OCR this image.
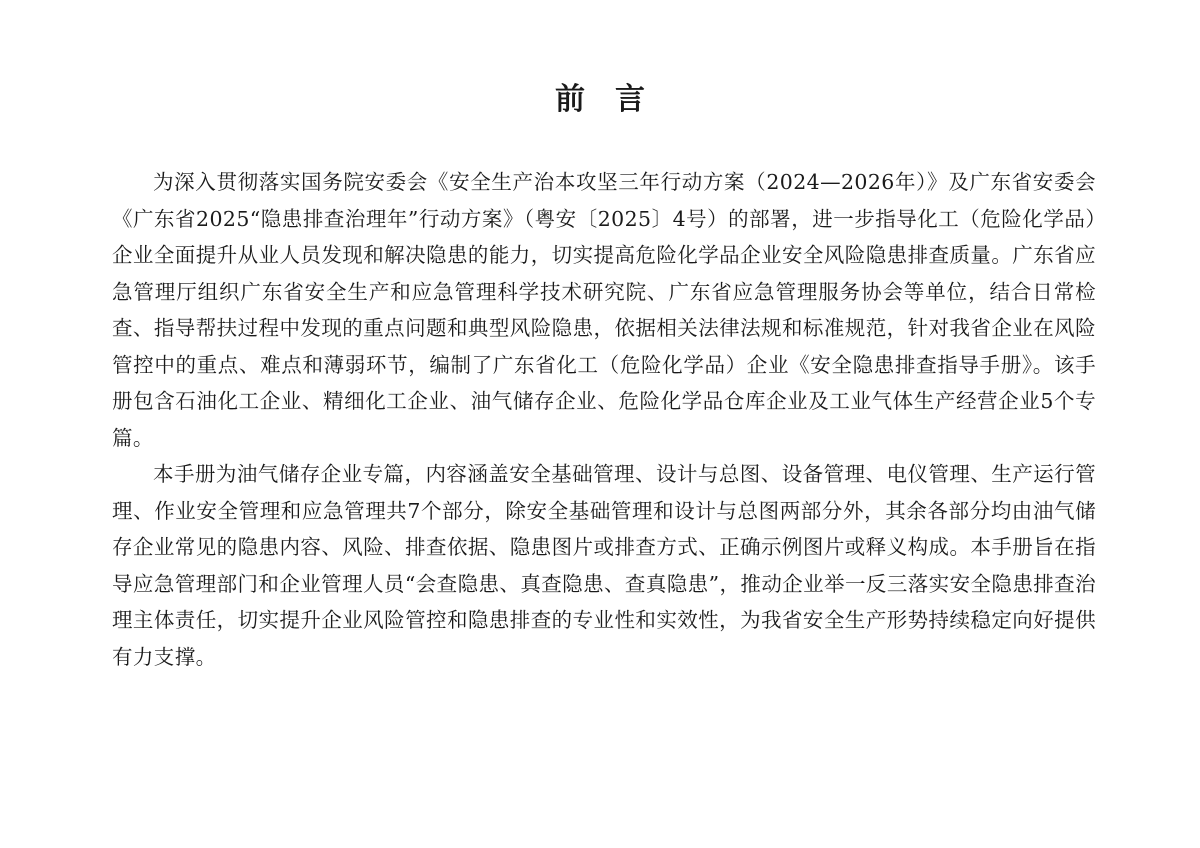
前言

为深入贯彻落实国务院安委会《安全生产治本攻坚三年行动方案（2024—2026年）》及广东省安委会《广东省2025“隐患排查治理年”行动方案》（粤安〔2025〕4号）的部署，进一步指导化工（危险化学品）企业全面提升从业人员发现和解决隐患的能力，切实提高危险化学品企业安全风险隐患排查质量。广东省应急管理厅组织广东省安全生产和应急管理科学技术研究院、广东省应急管理服务协会等单位，结合日常检查、指导帮扶过程中发现的重点问题和典型风险隐患，依据相关法律法规和标准规范，针对我省企业在风险管控中的重点、难点和薄弱环节，编制了广东省化工（危险化学品）企业《安全隐患排查指导手册》。该手册包含石油化工企业、精细化工企业、油气储存企业、危险化学品仓库企业及工业气体生产经营企业5个专篇。

本手册为油气储存企业专篇，内容涵盖安全基础管理、设计与总图、设备管理、电仪管理、生产运行管理、作业安全管理和应急管理共7个部分，除安全基础管理和设计与总图两部分外，其余各部分均由油气储存企业常见的隐患内容、风险、排查依据、隐患图片或排查方式、正确示例图片或释义构成。本手册旨在指导应急管理部门和企业管理人员“会查隐患、真查隐患、查真隐患”，推动企业举一反三落实安全隐患排查治理主体责任，切实提升企业风险管控和隐患排查的专业性和实效性，为我省安全生产形势持续稳定向好提供有力支撑。
